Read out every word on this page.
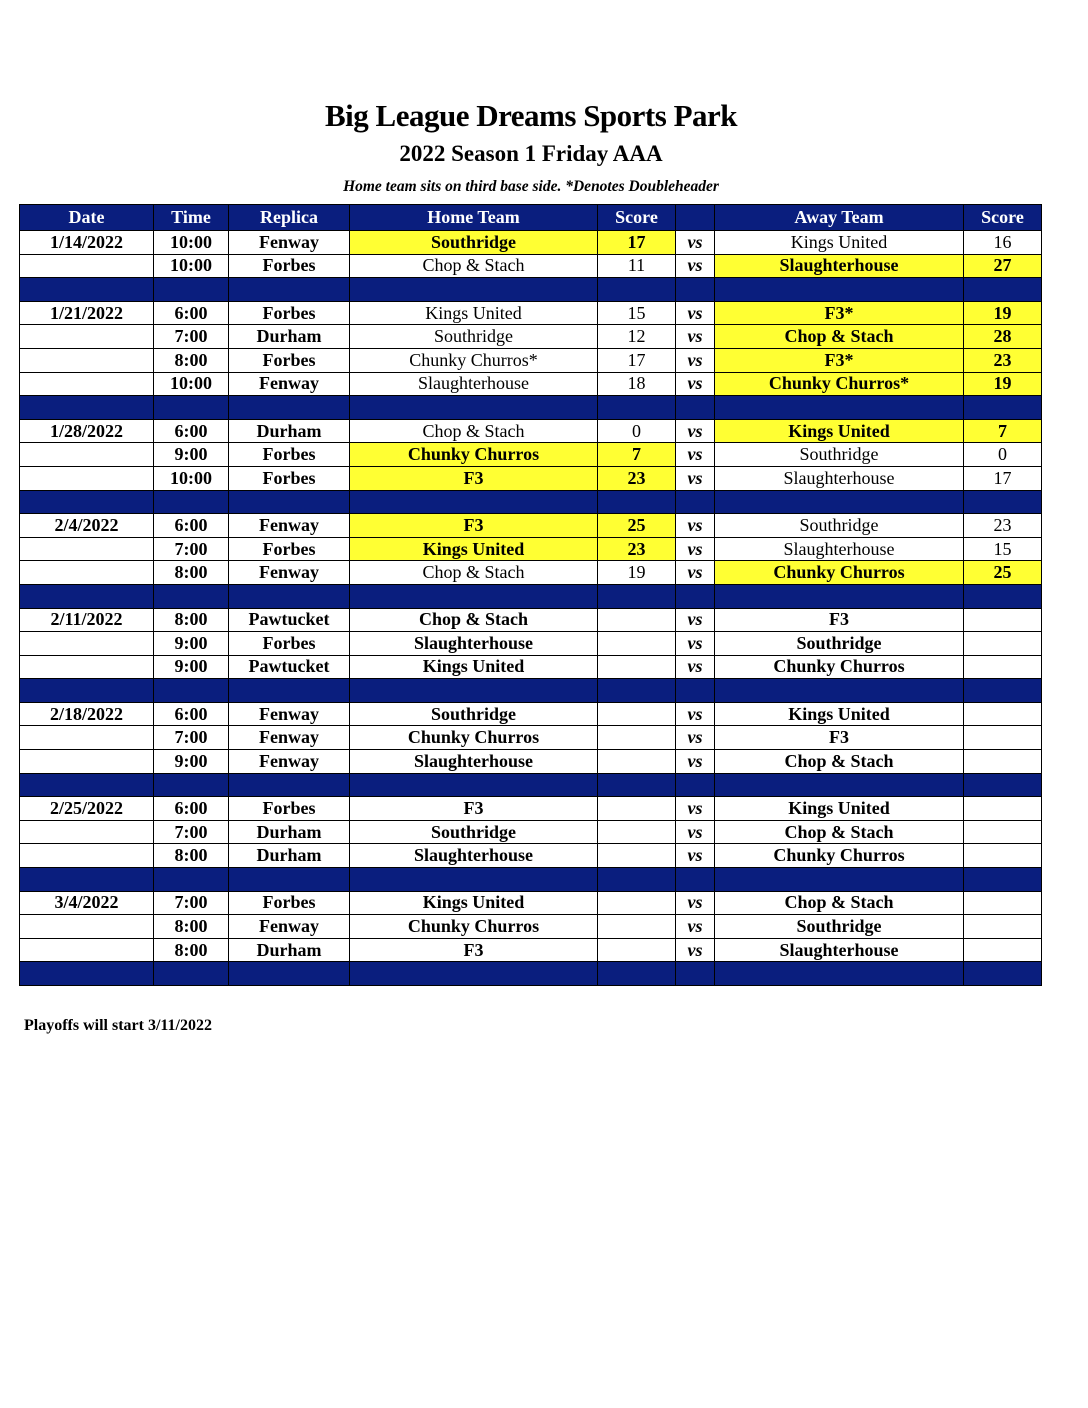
Big League Dreams Sports Park
2022 Season 1 Friday AAA
Home team sits on third base side. *Denotes Doubleheader
Date	Time	Replica	Home Team	Score		Away Team	Score
1/14/2022	10:00	Fenway	Southridge	17	vs	Kings United	16
	10:00	Forbes	Chop & Stach	11	vs	Slaughterhouse	27

1/21/2022	6:00	Forbes	Kings United	15	vs	F3*	19
	7:00	Durham	Southridge	12	vs	Chop & Stach	28
	8:00	Forbes	Chunky Churros*	17	vs	F3*	23
	10:00	Fenway	Slaughterhouse	18	vs	Chunky Churros*	19

1/28/2022	6:00	Durham	Chop & Stach	0	vs	Kings United	7
	9:00	Forbes	Chunky Churros	7	vs	Southridge	0
	10:00	Forbes	F3	23	vs	Slaughterhouse	17

2/4/2022	6:00	Fenway	F3	25	vs	Southridge	23
	7:00	Forbes	Kings United	23	vs	Slaughterhouse	15
	8:00	Fenway	Chop & Stach	19	vs	Chunky Churros	25

2/11/2022	8:00	Pawtucket	Chop & Stach		vs	F3	
	9:00	Forbes	Slaughterhouse		vs	Southridge	
	9:00	Pawtucket	Kings United		vs	Chunky Churros	

2/18/2022	6:00	Fenway	Southridge		vs	Kings United	
	7:00	Fenway	Chunky Churros		vs	F3	
	9:00	Fenway	Slaughterhouse		vs	Chop & Stach	

2/25/2022	6:00	Forbes	F3		vs	Kings United	
	7:00	Durham	Southridge		vs	Chop & Stach	
	8:00	Durham	Slaughterhouse		vs	Chunky Churros	

3/4/2022	7:00	Forbes	Kings United		vs	Chop & Stach	
	8:00	Fenway	Chunky Churros		vs	Southridge	
	8:00	Durham	F3		vs	Slaughterhouse	

Playoffs will start 3/11/2022
